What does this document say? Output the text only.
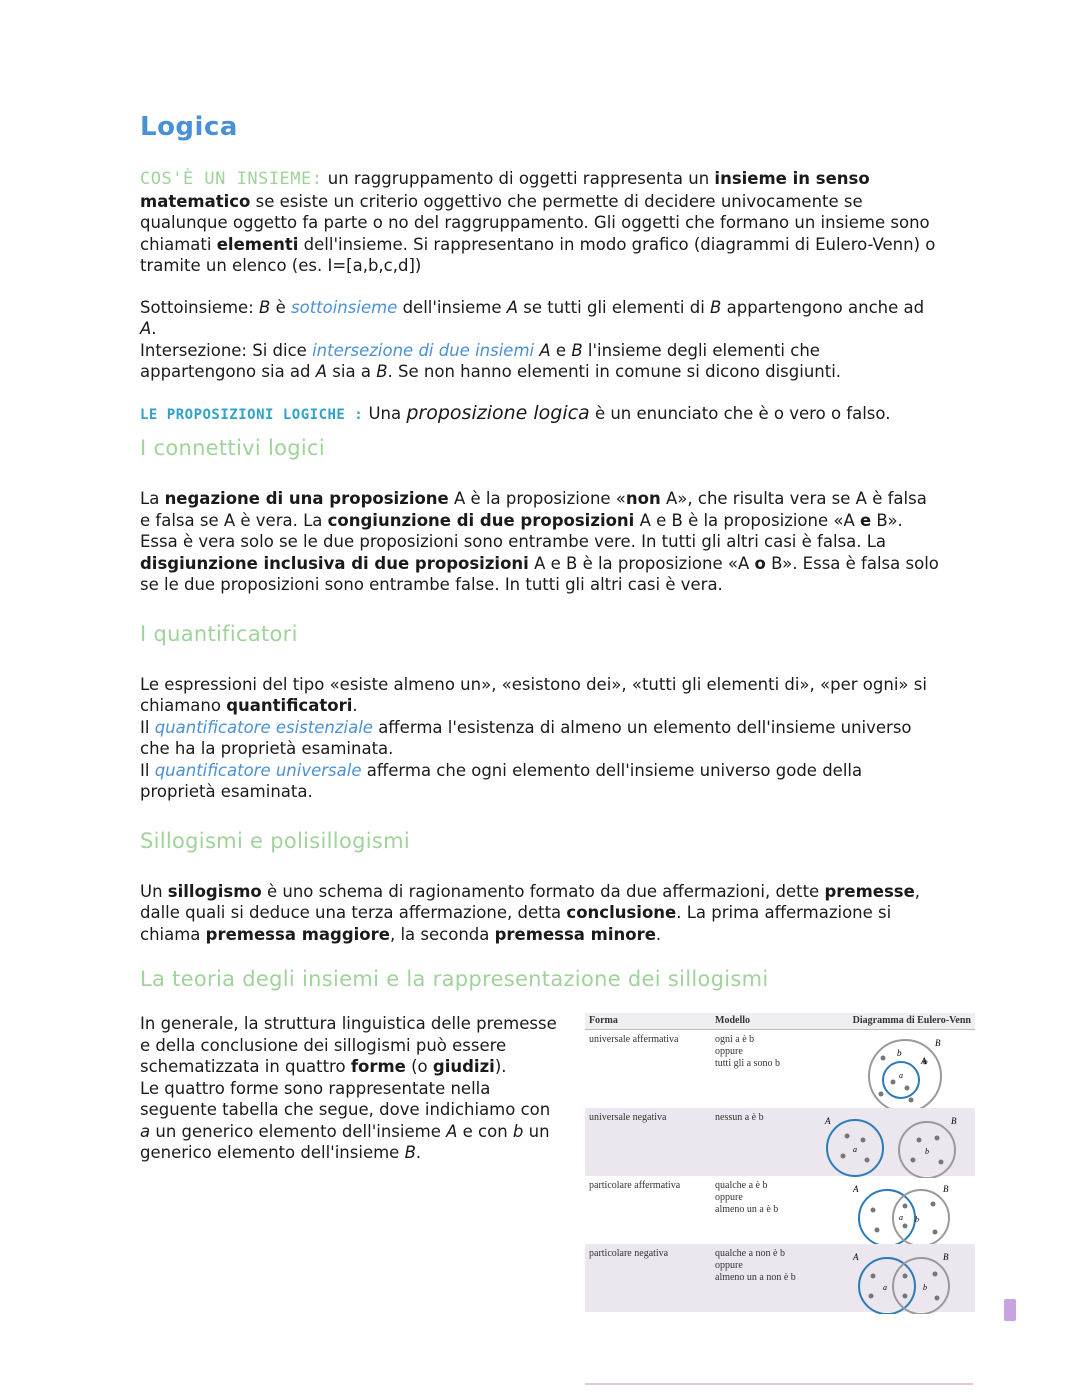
Logica

COS'È UN INSIEME: un raggruppamento di oggetti rappresenta un insieme in senso matematico se esiste un criterio oggettivo che permette di decidere univocamente se qualunque oggetto fa parte o no del raggruppamento. Gli oggetti che formano un insieme sono chiamati elementi dell'insieme. Si rappresentano in modo grafico (diagrammi di Eulero-Venn) o tramite un elenco (es. I=[a,b,c,d])

Sottoinsieme: B è sottoinsieme dell'insieme A se tutti gli elementi di B appartengono anche ad A.

Intersezione: Si dice intersezione di due insiemi A e B l'insieme degli elementi che appartengono sia ad A sia a B. Se non hanno elementi in comune si dicono disgiunti.

LE PROPOSIZIONI LOGICHE : Una proposizione logica è un enunciato che è o vero o falso.

I connettivi logici

La negazione di una proposizione A è la proposizione «non A», che risulta vera se A è falsa e falsa se A è vera. La congiunzione di due proposizioni A e B è la proposizione «A e B». Essa è vera solo se le due proposizioni sono entrambe vere. In tutti gli altri casi è falsa. La disgiunzione inclusiva di due proposizioni A e B è la proposizione «A o B». Essa è falsa solo se le due proposizioni sono entrambe false. In tutti gli altri casi è vera.

I quantificatori

Le espressioni del tipo «esiste almeno un», «esistono dei», «tutti gli elementi di», «per ogni» si chiamano quantificatori.

Il quantificatore esistenziale afferma l'esistenza di almeno un elemento dell'insieme universo che ha la proprietà esaminata.

Il quantificatore universale afferma che ogni elemento dell'insieme universo gode della proprietà esaminata.

Sillogismi e polisillogismi

Un sillogismo è uno schema di ragionamento formato da due affermazioni, dette premesse, dalle quali si deduce una terza affermazione, detta conclusione. La prima affermazione si chiama premessa maggiore, la seconda premessa minore.

La teoria degli insiemi e la rappresentazione dei sillogismi

In generale, la struttura linguistica delle premesse e della conclusione dei sillogismi può essere schematizzata in quattro forme (o giudizi).

Le quattro forme sono rappresentate nella seguente tabella che segue, dove indichiamo con a un generico elemento dell'insieme A e con b un generico elemento dell'insieme B.

Forma	Modello	Diagramma di Eulero-Venn
universale affermativa	ogni a è b
oppure
tutti gli a sono b
B
A
b
a
universale negativa	nessun a è b	A	B
a	b
particolare affermativa	qualche a è b
oppure
almeno un a è b
A	B
a b
particolare negativa	qualche a non è b
oppure
almeno un a non è b
A	B
a	b
